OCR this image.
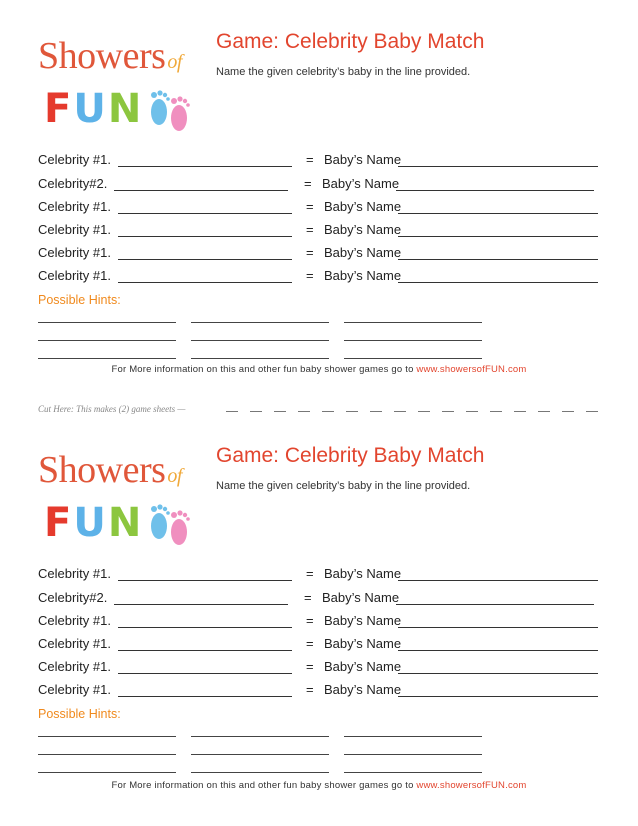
Showers of
FUN
Game: Celebrity Baby Match
Name the given celebrity’s baby in the line provided.
Showers of
FUN
Game: Celebrity Baby Match
Name the given celebrity’s baby in the line provided.
Cut Here: This makes (2) game sheets —
Celebrity #1.	= Baby’s Name
Celebrity#2.	= Baby’s Name
Celebrity #1.	= Baby’s Name
Celebrity #1.	= Baby’s Name
Celebrity #1.	= Baby’s Name
Celebrity #1.	= Baby’s Name
Possible Hints:
For More information on this and other fun baby shower games go to www.showersofFUN.com
Celebrity #1.	= Baby’s Name
Celebrity#2.	= Baby’s Name
Celebrity #1.	= Baby’s Name
Celebrity #1.	= Baby’s Name
Celebrity #1.	= Baby’s Name
Celebrity #1.	= Baby’s Name
Possible Hints:
For More information on this and other fun baby shower games go to www.showersofFUN.com
